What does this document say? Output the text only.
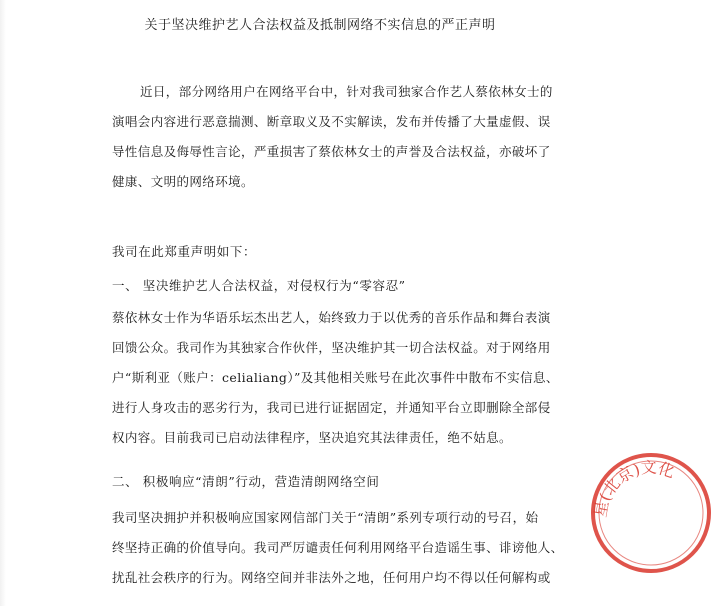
关于坚决维护艺人合法权益及抵制网络不实信息的严正声明
近日，部分网络用户在网络平台中，针对我司独家合作艺人蔡依林女士的
演唱会内容进行恶意揣测、断章取义及不实解读，发布并传播了大量虚假、误
导性信息及侮辱性言论，严重损害了蔡依林女士的声誉及合法权益，亦破坏了
健康、文明的网络环境。
我司在此郑重声明如下：
一、 坚决维护艺人合法权益，对侵权行为“零容忍”
蔡依林女士作为华语乐坛杰出艺人，始终致力于以优秀的音乐作品和舞台表演
回馈公众。我司作为其独家合作伙伴，坚决维护其一切合法权益。对于网络用
户“斯利亚（账户：celialiang）”及其他相关账号在此次事件中散布不实信息、
进行人身攻击的恶劣行为，我司已进行证据固定，并通知平台立即删除全部侵
权内容。目前我司已启动法律程序，坚决追究其法律责任，绝不姑息。
二、 积极响应“清朗”行动，营造清朗网络空间
我司坚决拥护并积极响应国家网信部门关于“清朗”系列专项行动的号召，始
终坚持正确的价值导向。我司严厉谴责任何利用网络平台造谣生事、诽谤他人、
扰乱社会秩序的行为。网络空间并非法外之地，任何用户均不得以任何解构或
星(北京)文化
